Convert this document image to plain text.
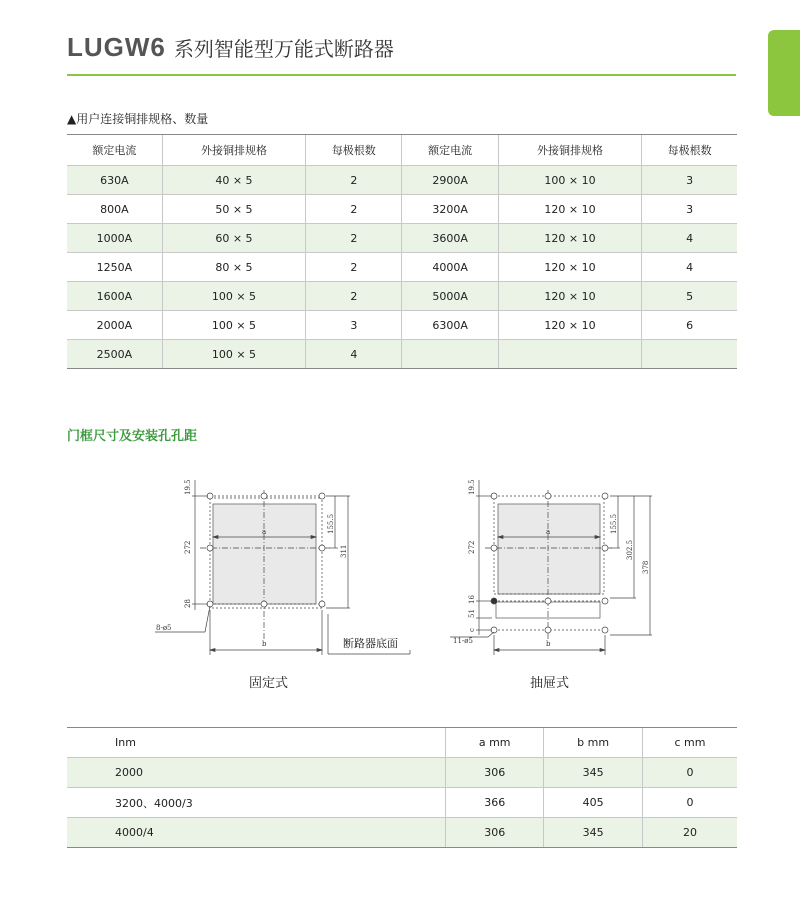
LUGW6 系列智能型万能式断路器
▲用户连接铜排规格、数量
额定电流	外接铜排规格	每极根数	额定电流	外接铜排规格	每极根数
630A	40 × 5	2	2900A	100 × 10	3
800A	50 × 5	2	3200A	120 × 10	3
1000A	60 × 5	2	3600A	120 × 10	4
1250A	80 × 5	2	4000A	120 × 10	4
1600A	100 × 5	2	5000A	120 × 10	5
2000A	100 × 5	3	6300A	120 × 10	6
2500A	100 × 5	4			
门框尺寸及安装孔孔距
a
b
19.5
272
28
155.5
311
8-ø5
断路器底面
a
b
19.5
272
16
51
c
155.5
302.5
378
11-ø5
固定式	抽屉式
Inm	a mm	b mm	c mm
2000	306	345	0
3200、4000/3	366	405	0
4000/4	306	345	20
